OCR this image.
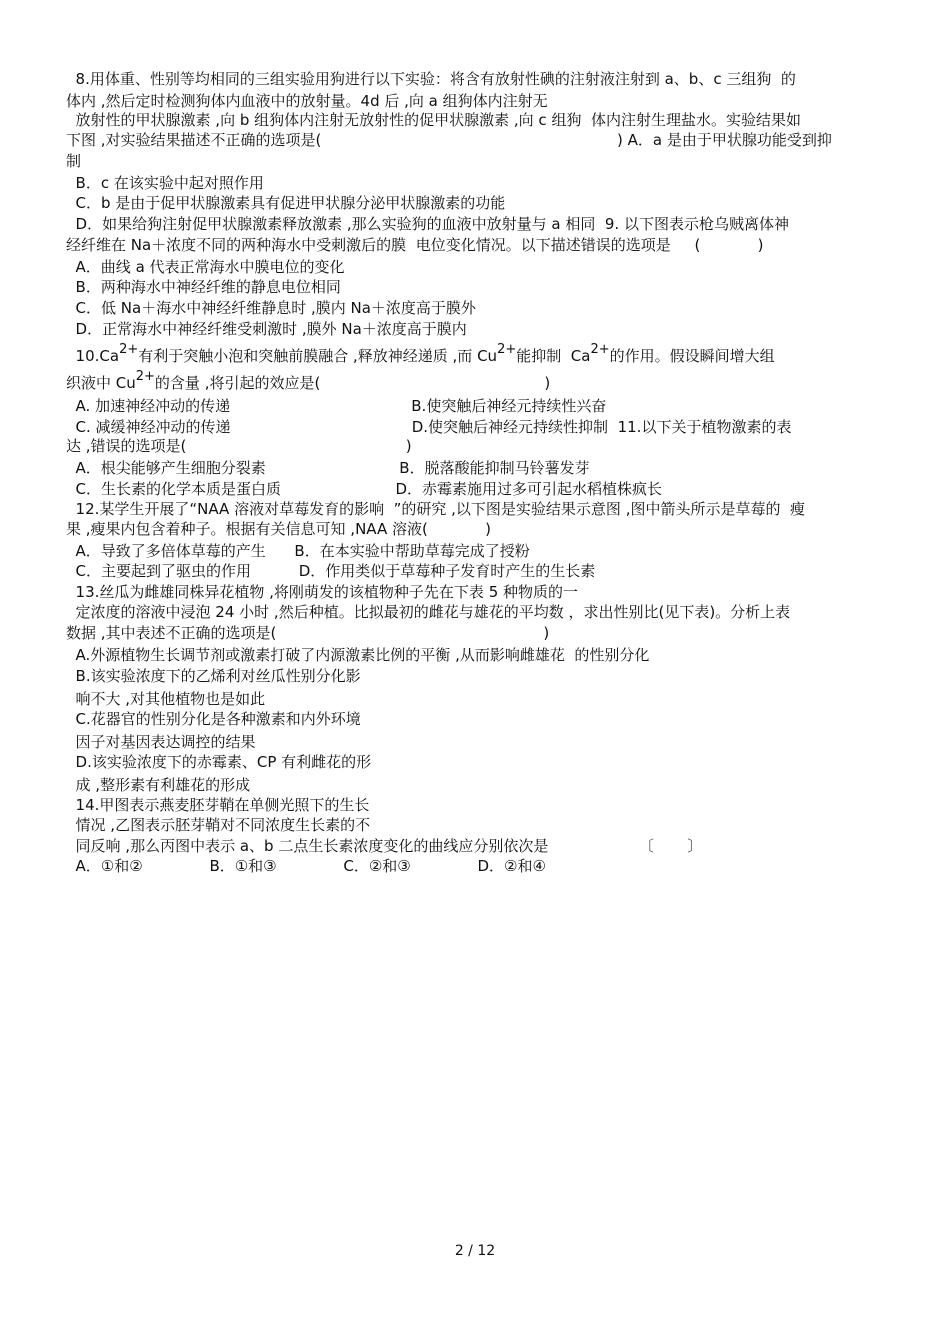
8.用体重、性别等均相同的三组实验用狗进行以下实验：将含有放射性碘的注射液注射到 a、b、c 三组狗  的
体内 ,然后定时检测狗体内血液中的放射量。4d 后 ,向 a 组狗体内注射无
放射性的甲状腺激素 ,向 b 组狗体内注射无放射性的促甲状腺激素 ,向 c 组狗  体内注射生理盐水。实验结果如
下图 ,对实验结果描述不正确的选项是(                                                              ) A．a 是由于甲状腺功能受到抑
制
B．c 在该实验中起对照作用
C．b 是由于促甲状腺激素具有促进甲状腺分泌甲状腺激素的功能
D．如果给狗注射促甲状腺激素释放激素 ,那么实验狗的血液中放射量与 a 相同  9. 以下图表示枪乌贼离体神
经纤维在 Na＋浓度不同的两种海水中受刺激后的膜  电位变化情况。以下描述错误的选项是     (            )
A．曲线 a 代表正常海水中膜电位的变化
B．两种海水中神经纤维的静息电位相同
C．低 Na＋海水中神经纤维静息时 ,膜内 Na＋浓度高于膜外
D．正常海水中神经纤维受刺激时 ,膜外 Na＋浓度高于膜内
10.Ca2+有利于突触小泡和突触前膜融合 ,释放神经递质 ,而 Cu2+能抑制  Ca2+的作用。假设瞬间增大组
织液中 Cu2+的含量 ,将引起的效应是(                                               )
A. 加速神经冲动的传递                                      B.使突触后神经元持续性兴奋
C. 减缓神经冲动的传递                                      D.使突触后神经元持续性抑制  11.以下关于植物激素的表
达 ,错误的选项是(                                              )
A．根尖能够产生细胞分裂素                            B．脱落酸能抑制马铃薯发芽
C．生长素的化学本质是蛋白质                        D．赤霉素施用过多可引起水稻植株疯长
12.某学生开展了“NAA 溶液对草莓发育的影响  ”的研究 ,以下图是实验结果示意图 ,图中箭头所示是草莓的  瘦
果 ,瘦果内包含着种子。根据有关信息可知 ,NAA 溶液(            )
A．导致了多倍体草莓的产生      B．在本实验中帮助草莓完成了授粉
C．主要起到了驱虫的作用          D．作用类似于草莓种子发育时产生的生长素
13.丝瓜为雌雄同株异花植物 ,将刚萌发的该植物种子先在下表 5 种物质的一
定浓度的溶液中浸泡 24 小时 ,然后种植。比拟最初的雌花与雄花的平均数 ，求出性别比(见下表)。分析上表
数据 ,其中表述不正确的选项是(                                                        )
A.外源植物生长调节剂或激素打破了内源激素比例的平衡 ,从而影响雌雄花  的性别分化
B.该实验浓度下的乙烯利对丝瓜性别分化影
响不大 ,对其他植物也是如此
C.花器官的性别分化是各种激素和内外环境
因子对基因表达调控的结果
D.该实验浓度下的赤霉素、CP 有利雌花的形
成 ,整形素有利雄花的形成
14.甲图表示燕麦胚芽鞘在单侧光照下的生长
情况 ,乙图表示胚芽鞘对不同浓度生长素的不
同反响 ,那么丙图中表示 a、b 二点生长素浓度变化的曲线应分别依次是                   〔       〕
A．①和②              B．①和③              C．②和③              D．②和④
2 / 12
